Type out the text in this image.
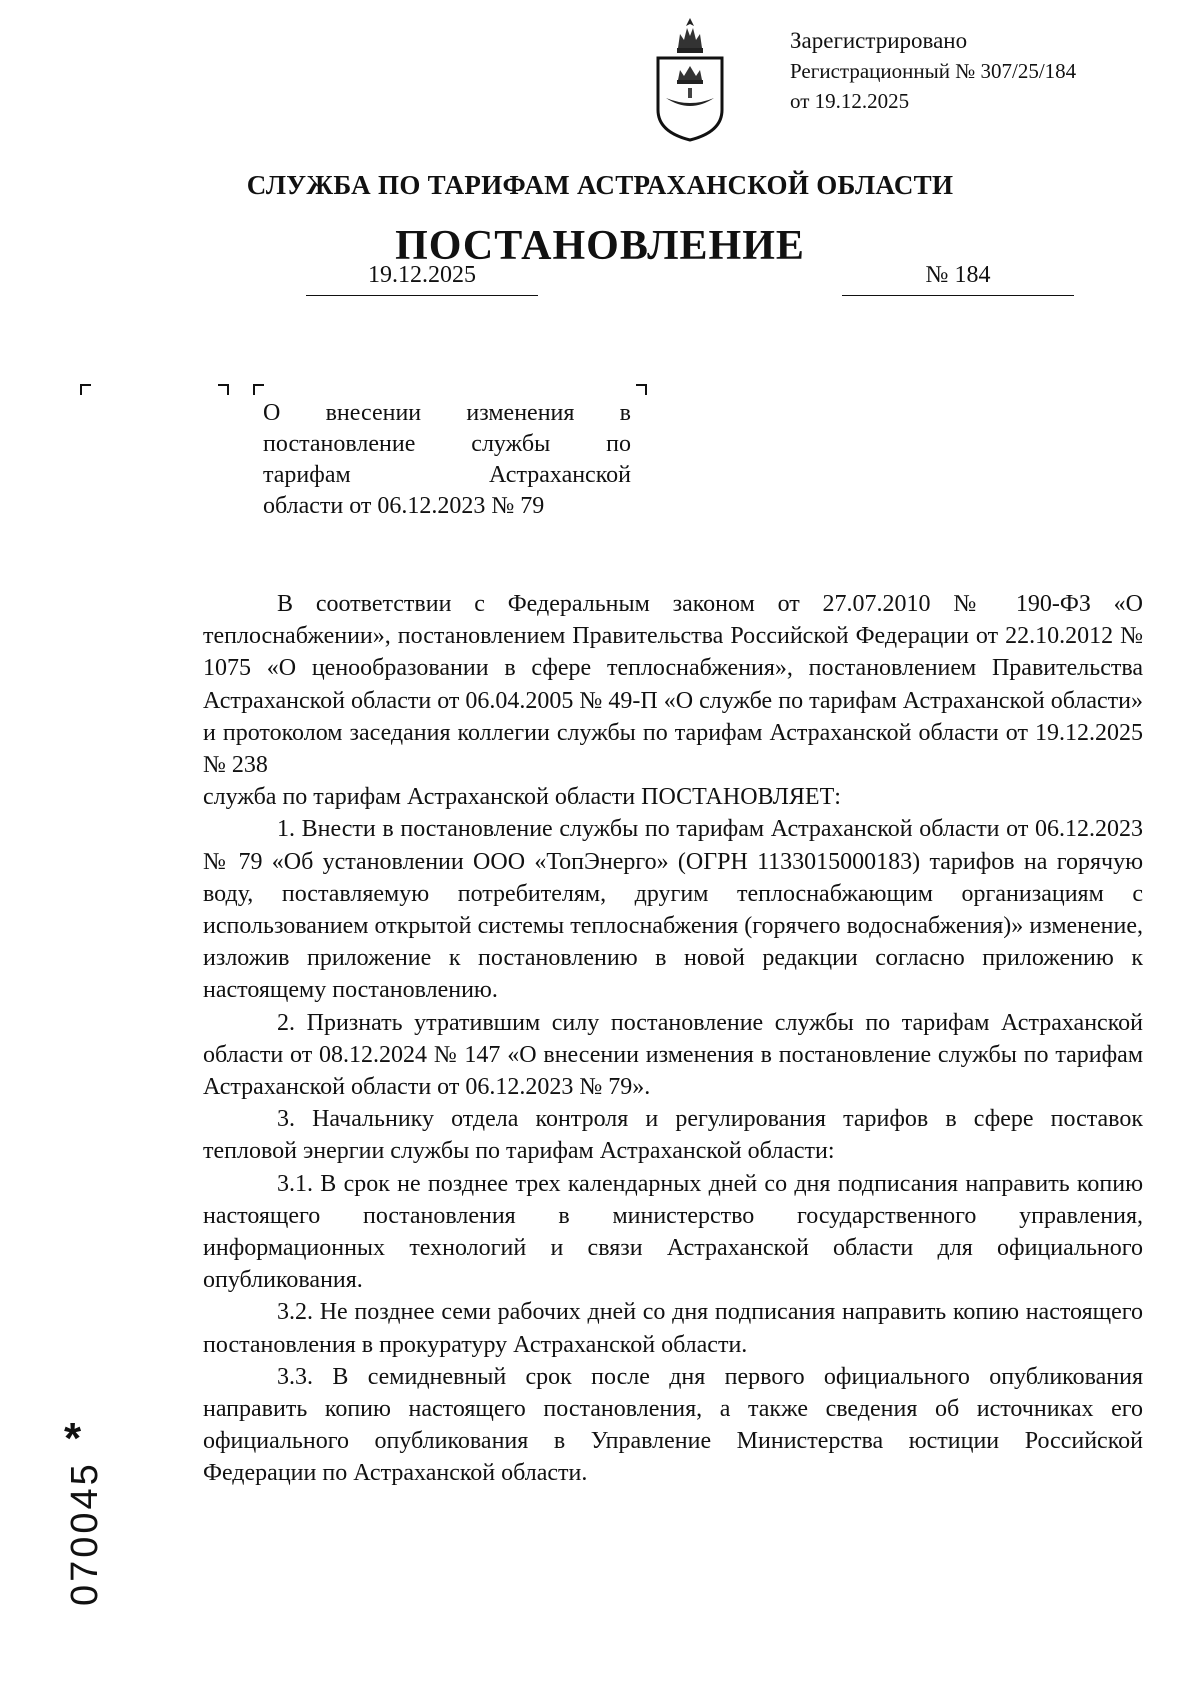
Зарегистрировано
Регистрационный № 307/25/184
от 19.12.2025
СЛУЖБА ПО ТАРИФАМ АСТРАХАНСКОЙ ОБЛАСТИ
ПОСТАНОВЛЕНИЕ
19.12.2025	№ 184
О внесении изменения в
постановление службы по
тарифам Астраханской
области от 06.12.2023 № 79

В соответствии с Федеральным законом от 27.07.2010 № 190-ФЗ «О теплоснабжении», постановлением Правительства Российской Федерации от 22.10.2012 № 1075 «О ценообразовании в сфере теплоснабжения», постановлением Правительства Астраханской области от 06.04.2005 № 49-П «О службе по тарифам Астраханской области» и протоколом заседания коллегии службы по тарифам Астраханской области от 19.12.2025 № 238

служба по тарифам Астраханской области ПОСТАНОВЛЯЕТ:

1. Внести в постановление службы по тарифам Астраханской области от 06.12.2023 № 79 «Об установлении ООО «ТопЭнерго» (ОГРН 1133015000183) тарифов на горячую воду, поставляемую потребителям, другим теплоснабжающим организациям с использованием открытой системы теплоснабжения (горячего водоснабжения)» изменение, изложив приложение к постановлению в новой редакции согласно приложению к настоящему постановлению.

2. Признать утратившим силу постановление службы по тарифам Астраханской области от 08.12.2024 № 147 «О внесении изменения в постановление службы по тарифам Астраханской области от 06.12.2023 № 79».

3. Начальнику отдела контроля и регулирования тарифов в сфере поставок тепловой энергии службы по тарифам Астраханской области:

3.1. В срок не позднее трех календарных дней со дня подписания направить копию настоящего постановления в министерство государственного управления, информационных технологий и связи Астраханской области для официального опубликования.

3.2. Не позднее семи рабочих дней со дня подписания направить копию настоящего постановления в прокуратуру Астраханской области.

3.3. В семидневный срок после дня первого официального опубликования направить копию настоящего постановления, а также сведения об источниках его официального опубликования в Управление Министерства юстиции Российской Федерации по Астраханской области.

*
070045
